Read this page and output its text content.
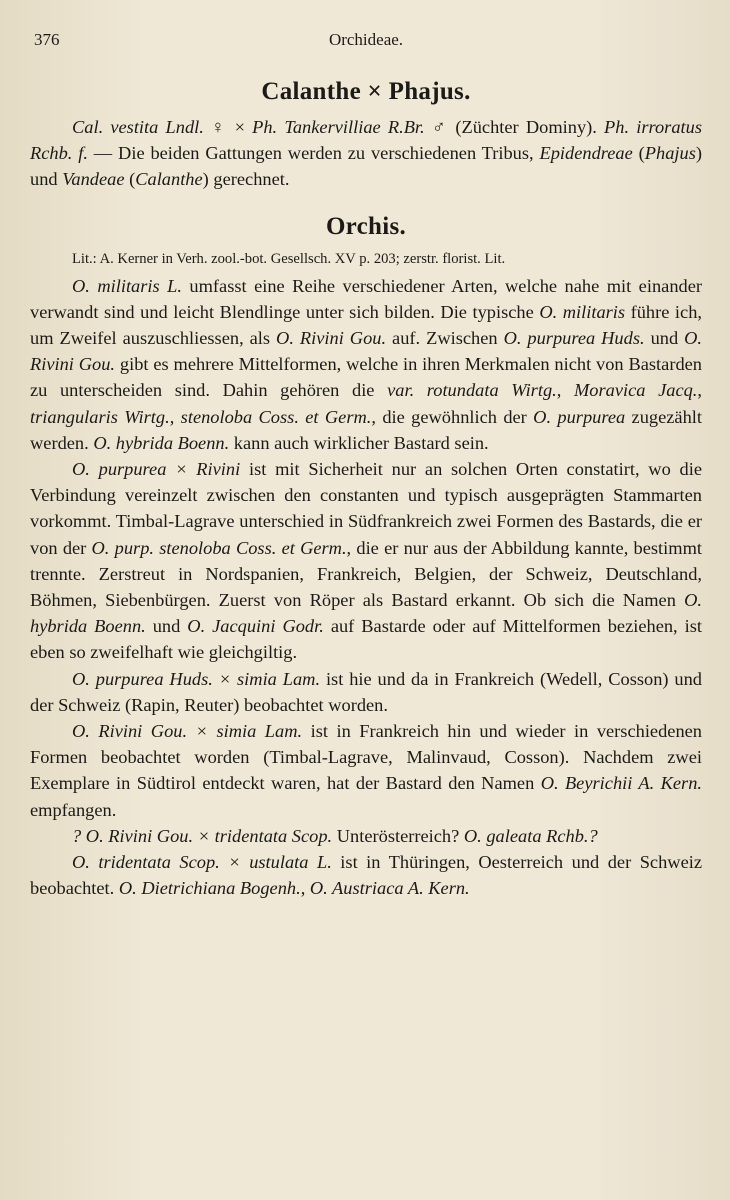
376	Orchideae.
Calanthe × Phajus.

Cal. vestita Lndl. ♀ × Ph. Tankervilliae R.Br. ♂ (Züchter Dominy). Ph. irroratus Rchb. f. — Die beiden Gattungen werden zu verschiedenen Tribus, Epidendreae (Phajus) und Vandeae (Calanthe) gerechnet.

Orchis.

Lit.: A. Kerner in Verh. zool.-bot. Gesellsch. XV p. 203; zerstr. florist. Lit.

O. militaris L. umfasst eine Reihe verschiedener Arten, welche nahe mit einander verwandt sind und leicht Blendlinge unter sich bilden. Die typische O. militaris führe ich, um Zweifel auszuschliessen, als O. Rivini Gou. auf. Zwischen O. purpurea Huds. und O. Rivini Gou. gibt es mehrere Mittelformen, welche in ihren Merkmalen nicht von Bastarden zu unterscheiden sind. Dahin gehören die var. rotundata Wirtg., Moravica Jacq., triangularis Wirtg., stenoloba Coss. et Germ., die gewöhnlich der O. purpurea zugezählt werden. O. hybrida Boenn. kann auch wirklicher Bastard sein.

O. purpurea × Rivini ist mit Sicherheit nur an solchen Orten constatirt, wo die Verbindung vereinzelt zwischen den constanten und typisch ausgeprägten Stammarten vorkommt. Timbal-Lagrave unterschied in Südfrankreich zwei Formen des Bastards, die er von der O. purp. stenoloba Coss. et Germ., die er nur aus der Abbildung kannte, bestimmt trennte. Zerstreut in Nordspanien, Frankreich, Belgien, der Schweiz, Deutschland, Böhmen, Siebenbürgen. Zuerst von Röper als Bastard erkannt. Ob sich die Namen O. hybrida Boenn. und O. Jacquini Godr. auf Bastarde oder auf Mittelformen beziehen, ist eben so zweifelhaft wie gleichgiltig.

O. purpurea Huds. × simia Lam. ist hie und da in Frankreich (Wedell, Cosson) und der Schweiz (Rapin, Reuter) beobachtet worden.

O. Rivini Gou. × simia Lam. ist in Frankreich hin und wieder in verschiedenen Formen beobachtet worden (Timbal-Lagrave, Malinvaud, Cosson). Nachdem zwei Exemplare in Südtirol entdeckt waren, hat der Bastard den Namen O. Beyrichii A. Kern. empfangen.

? O. Rivini Gou. × tridentata Scop. Unterösterreich? O. galeata Rchb.?

O. tridentata Scop. × ustulata L. ist in Thüringen, Oesterreich und der Schweiz beobachtet. O. Dietrichiana Bogenh., O. Austriaca A. Kern.
